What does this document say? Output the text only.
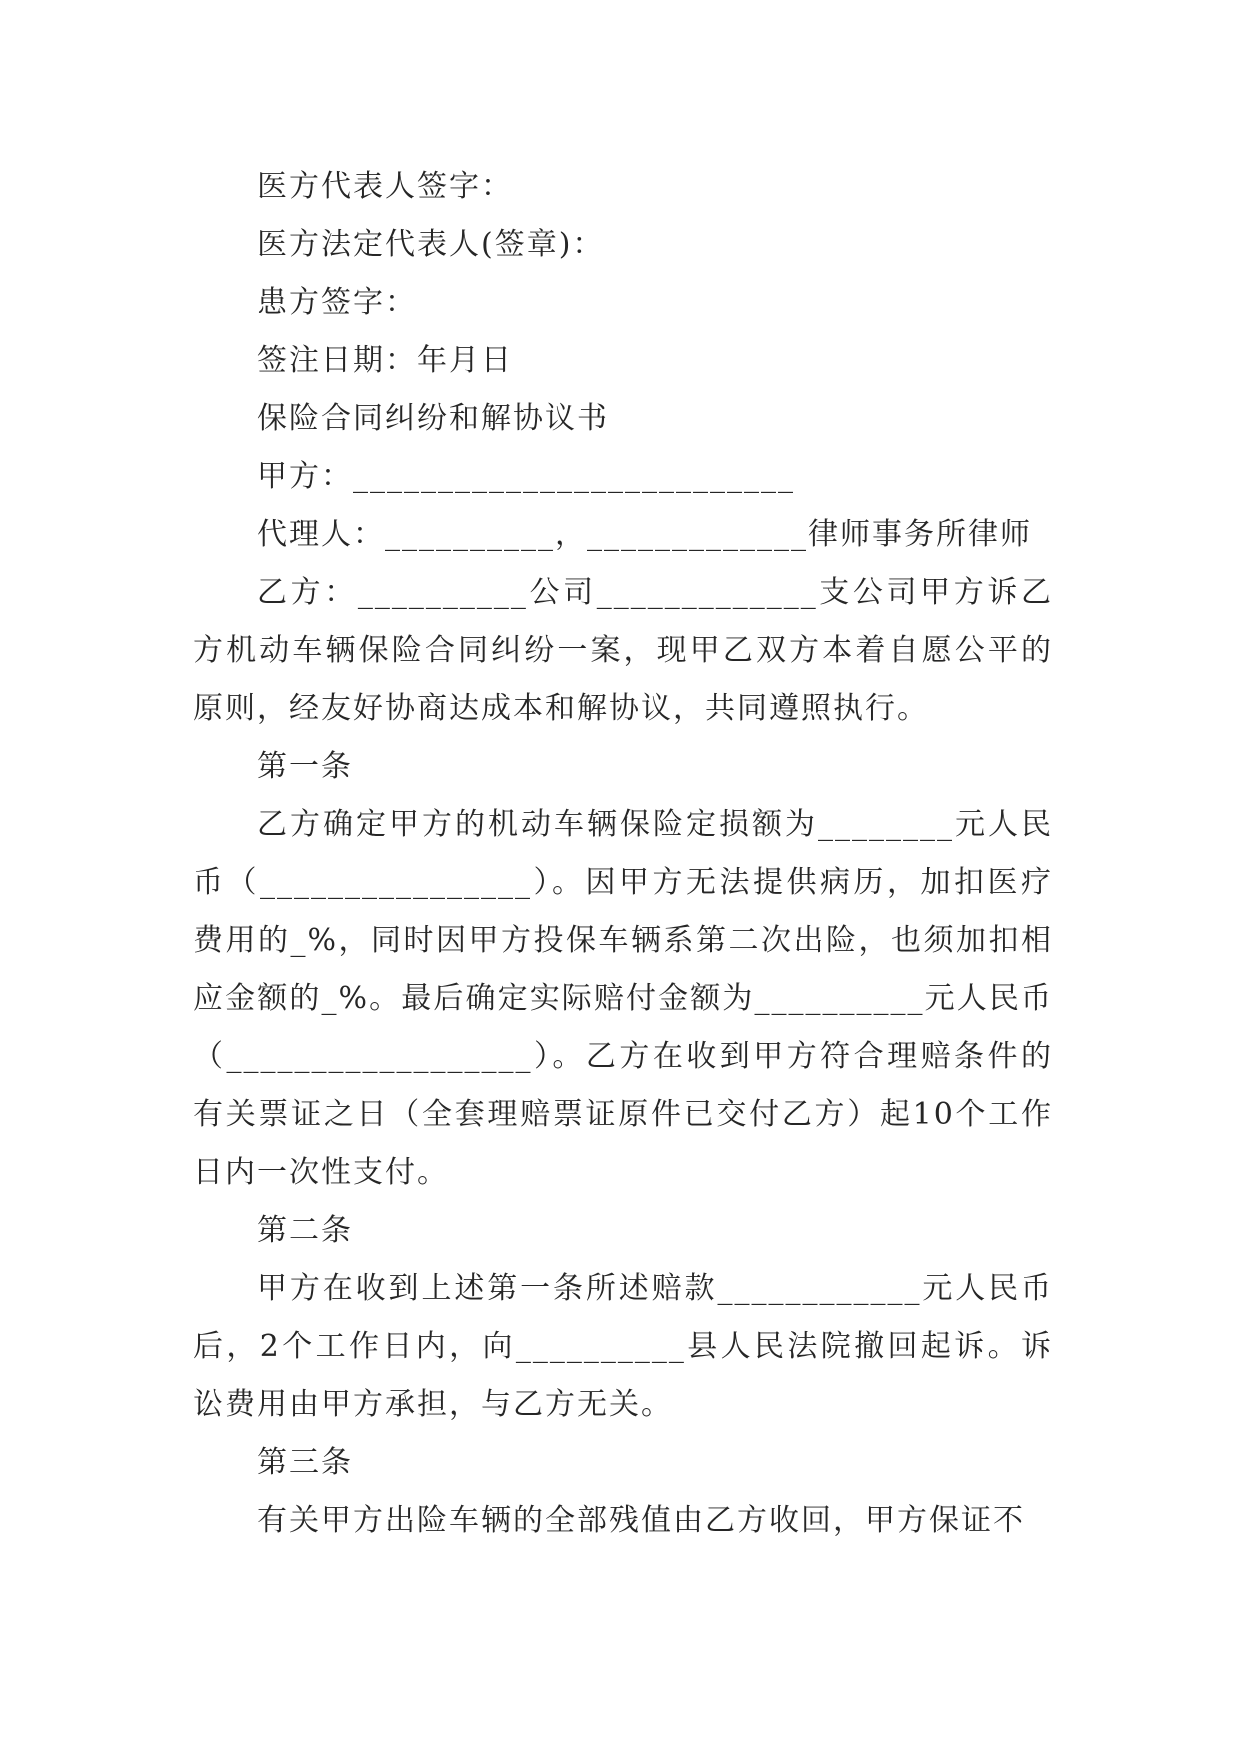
医方代表人签字：
医方法定代表人(签章)：
患方签字：
签注日期：年月日
保险合同纠纷和解协议书
甲方：__________________________
代理人：__________，_____________律师事务所律师

乙方：__________公司_____________支公司甲方诉乙方机动车辆保险合同纠纷一案，现甲乙双方本着自愿公平的原则，经友好协商达成本和解协议，共同遵照执行。

第一条

乙方确定甲方的机动车辆保险定损额为________元人民币（________________）。因甲方无法提供病历，加扣医疗费用的_%，同时因甲方投保车辆系第二次出险，也须加扣相应金额的_%。最后确定实际赔付金额为__________元人民币（__________________）。乙方在收到甲方符合理赔条件的有关票证之日（全套理赔票证原件已交付乙方）起10个工作日内一次性支付。

第二条

甲方在收到上述第一条所述赔款____________元人民币后，2个工作日内，向__________县人民法院撤回起诉。诉讼费用由甲方承担，与乙方无关。

第三条

有关甲方出险车辆的全部残值由乙方收回，甲方保证不
